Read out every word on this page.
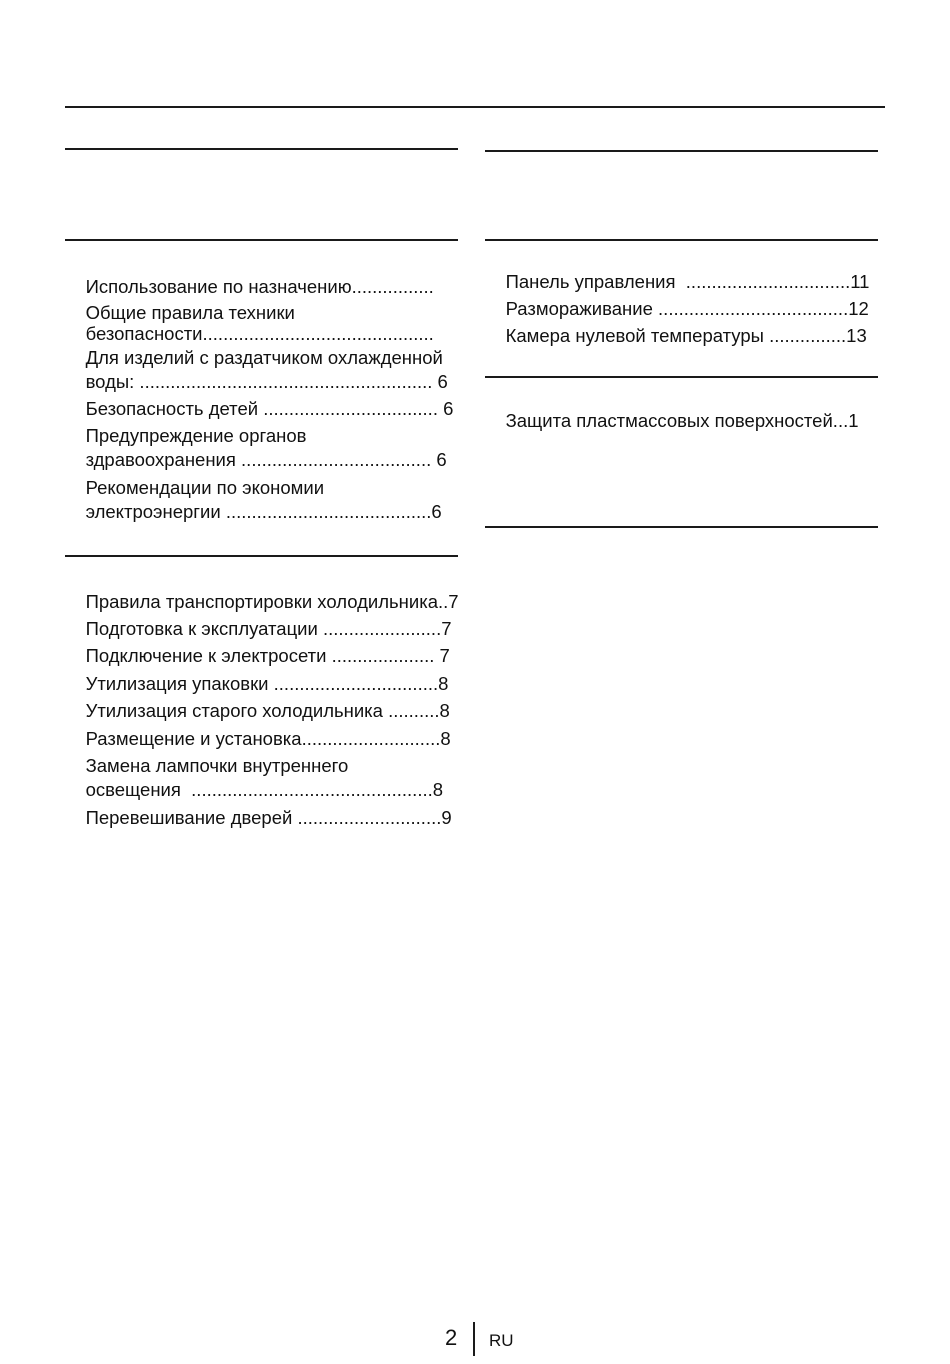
Использование по назначению................

Общие правила техники

безопасности.............................................

Для изделий с раздатчиком охлажденной

воды: ......................................................... 6

Безопасность детей .................................. 6

Предупреждение органов

здравоохранения ..................................... 6

Рекомендации по экономии

электроэнергии ........................................6

Правила транспортировки холодильника..7

Подготовка к эксплуатации .......................7

Подключение к электросети .................... 7

Утилизация упаковки ................................8

Утилизация старого холодильника ..........8

Размещение и установка...........................8

Замена лампочки внутреннего

освещения  ...............................................8

Перевешивание дверей ............................9

Панель управления  ................................11

Размораживание .....................................12

Камера нулевой температуры ...............13

Защита пластмассовых поверхностей...1

2 RU
